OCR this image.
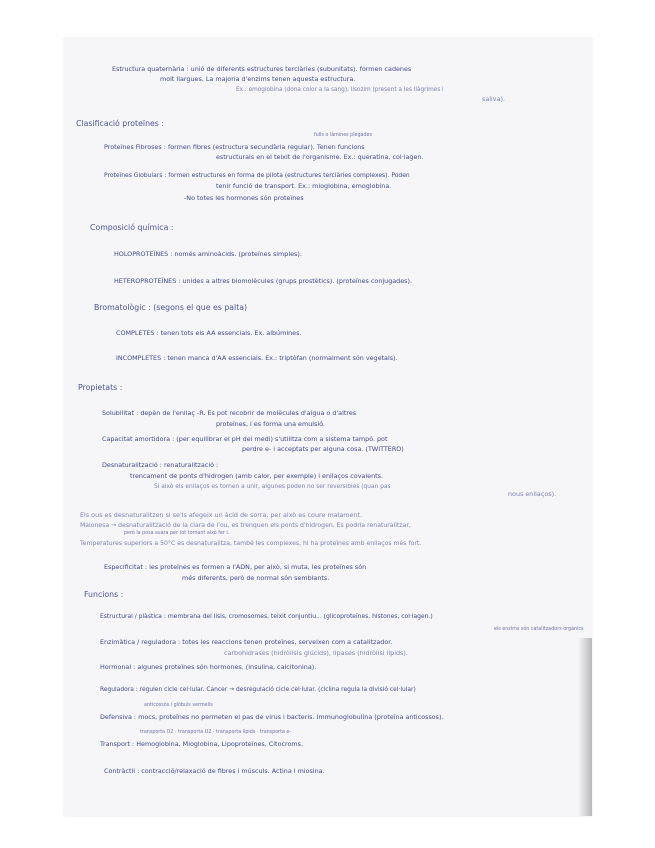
Estructura quaternària : unió de diferents estructures terciàries (subunitats). formen cadenes
molt llargues. La majoria d'enzims tenen aquesta estructura.
Ex.: emoglobina (dona color a la sang), lisozim (present a les llàgrimes i
saliva).
Clasificació proteïnes :
fulls o làmines plegades
Proteïnes Fibroses : formen fibres (estructura secundària regular). Tenen funcions
estructurals en el teixit de l'organisme. Ex.: queratina, col·lagen.
Proteïnes Globulars : formen estructures en forma de pilota (estructures terciàries complexes). Poden
tenir funció de transport. Ex.: mioglobina, emoglobina.
-No totes les hormones són proteïnes
Composició química :
HOLOPROTEÏNES : només aminoàcids. (proteïnes simples).
HETEROPROTEÏNES : unides a altres biomolècules (grups prostètics). (proteïnes conjugades).
Bromatològic : (segons el que es palta)
COMPLETES : tenen tots els AA essencials. Ex. albúmines.
INCOMPLETES : tenen manca d'AA essencials. Ex.: triptòfan (normalment són vegetals).
Propietats :
Solubilitat : depèn de l'enllaç -R. Es pot recobrir de molècules d'aigua o d'altres
proteïnes, i es forma una emulsió.
Capacitat amortidora : (per equilibrar el pH del medi) s'utilitza com a sistema tampó. pot
perdre e- i acceptats per alguna cosa. (TWITTERO)
Desnaturalització : renaturalització :
trencament de ponts d'hidrogen (amb calor, per exemple) i enllaços covalents.
Si això els enllaços es tornen a unir, algunes poden no ser reversibles (quan pas
nous enllaços).
Els ous es desnaturalitzen si se'ls afegeix un àcid de sorra, per això es coure malament.
Maionesa → desnaturalització de la clara de l'ou, es trenquen els ponts d'hidrogen. Es podria renaturalitzar,
però la posa suara per tot tornant això fer i.
Temperatures superiors a 50°C es desnaturalitza, també les complexes, hi ha proteïnes amb enllaços més fort.
Especificitat : les proteïnes es formen a l'ADN, per això, si muta, les proteïnes són
més diferents, però de normal són semblants.
Funcions :
Estructural / plàstica : membrana del lisis, cromosomes, teixit conjuntiu... (glicoproteïnes, histones, col·lagen.)
els enzims són catalitzadors orgànics
Enzimàtica / reguladora : totes les reaccions tenen proteïnes, serveixen com a catalitzador.
carbohidrases (hidròlisis glúcids), lipases (hidròlisi lípids).
Hormonal : algunes proteïnes són hormones. (insulina, calcitonina).
Reguladora : regulen cicle cel·lular. Cancer → desregulació cicle cel·lular. (ciclina regula la divisió cel·lular)
anticossos i glòbuls vermells
Defensiva : mocs, proteïnes no permeten el pas de virus i bacteris. Immunoglobulina (proteïna anticossos).
transporta O2 · transporta O2 · transporta lípids · transporta e-
Transport : Hemoglobina, Mioglobina, Lipoproteïnes, Citocroms.
Contràctil : contracció/relaxació de fibres i músculs. Actina i miosina.
